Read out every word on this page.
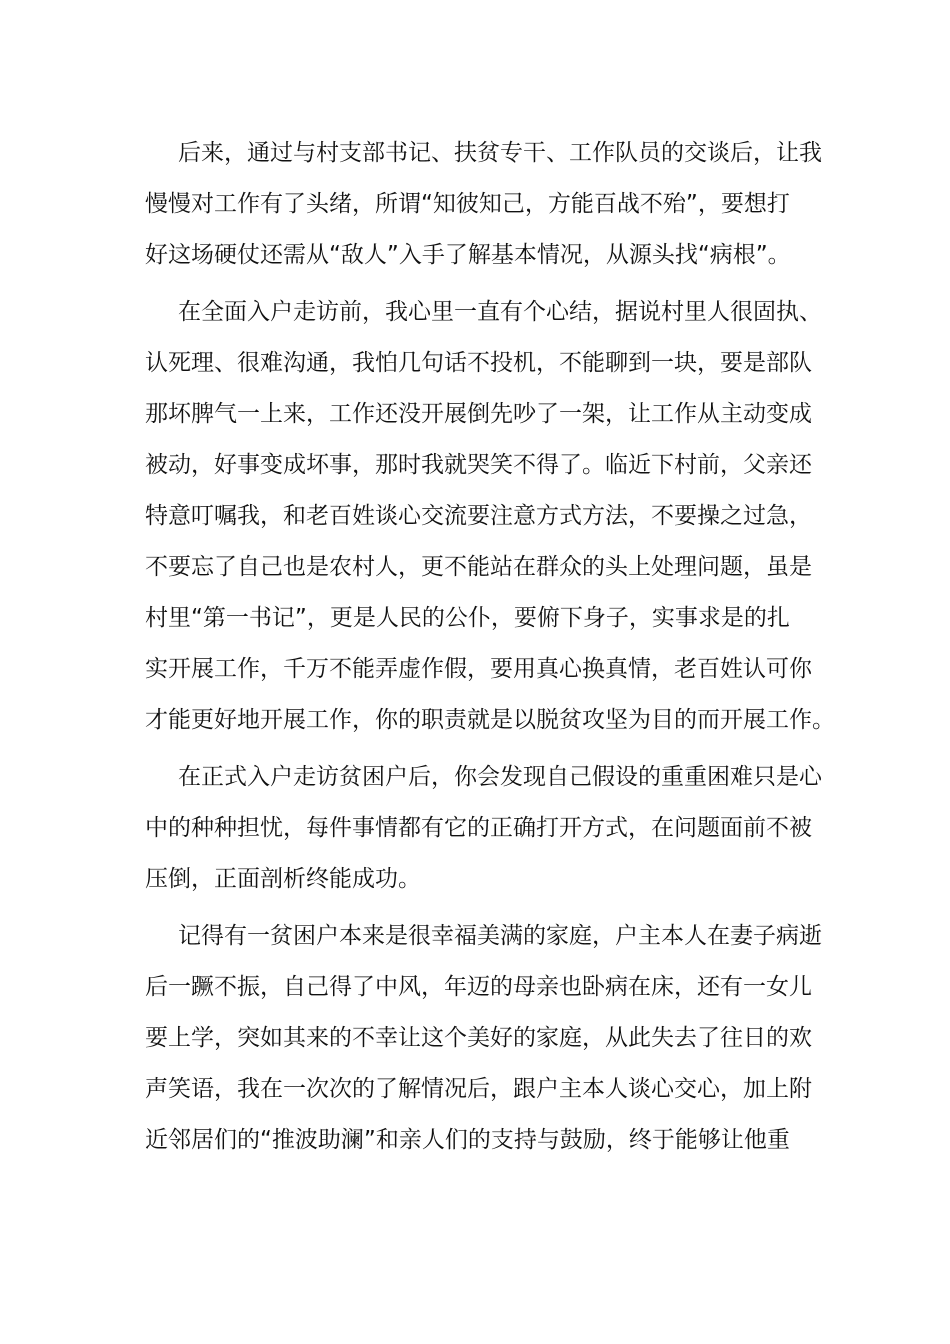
后来，通过与村支部书记、扶贫专干、工作队员的交谈后，让我
慢慢对工作有了头绪，所谓“知彼知己，方能百战不殆”，要想打
好这场硬仗还需从“敌人”入手了解基本情况，从源头找“病根”。
在全面入户走访前，我心里一直有个心结，据说村里人很固执、
认死理、很难沟通，我怕几句话不投机，不能聊到一块，要是部队
那坏脾气一上来，工作还没开展倒先吵了一架，让工作从主动变成
被动，好事变成坏事，那时我就哭笑不得了。临近下村前，父亲还
特意叮嘱我，和老百姓谈心交流要注意方式方法，不要操之过急，
不要忘了自己也是农村人，更不能站在群众的头上处理问题，虽是
村里“第一书记”，更是人民的公仆，要俯下身子，实事求是的扎
实开展工作，千万不能弄虚作假，要用真心换真情，老百姓认可你
才能更好地开展工作，你的职责就是以脱贫攻坚为目的而开展工作。
在正式入户走访贫困户后，你会发现自己假设的重重困难只是心
中的种种担忧，每件事情都有它的正确打开方式，在问题面前不被
压倒，正面剖析终能成功。
记得有一贫困户本来是很幸福美满的家庭，户主本人在妻子病逝
后一蹶不振，自己得了中风，年迈的母亲也卧病在床，还有一女儿
要上学，突如其来的不幸让这个美好的家庭，从此失去了往日的欢
声笑语，我在一次次的了解情况后，跟户主本人谈心交心，加上附
近邻居们的“推波助澜”和亲人们的支持与鼓励，终于能够让他重
